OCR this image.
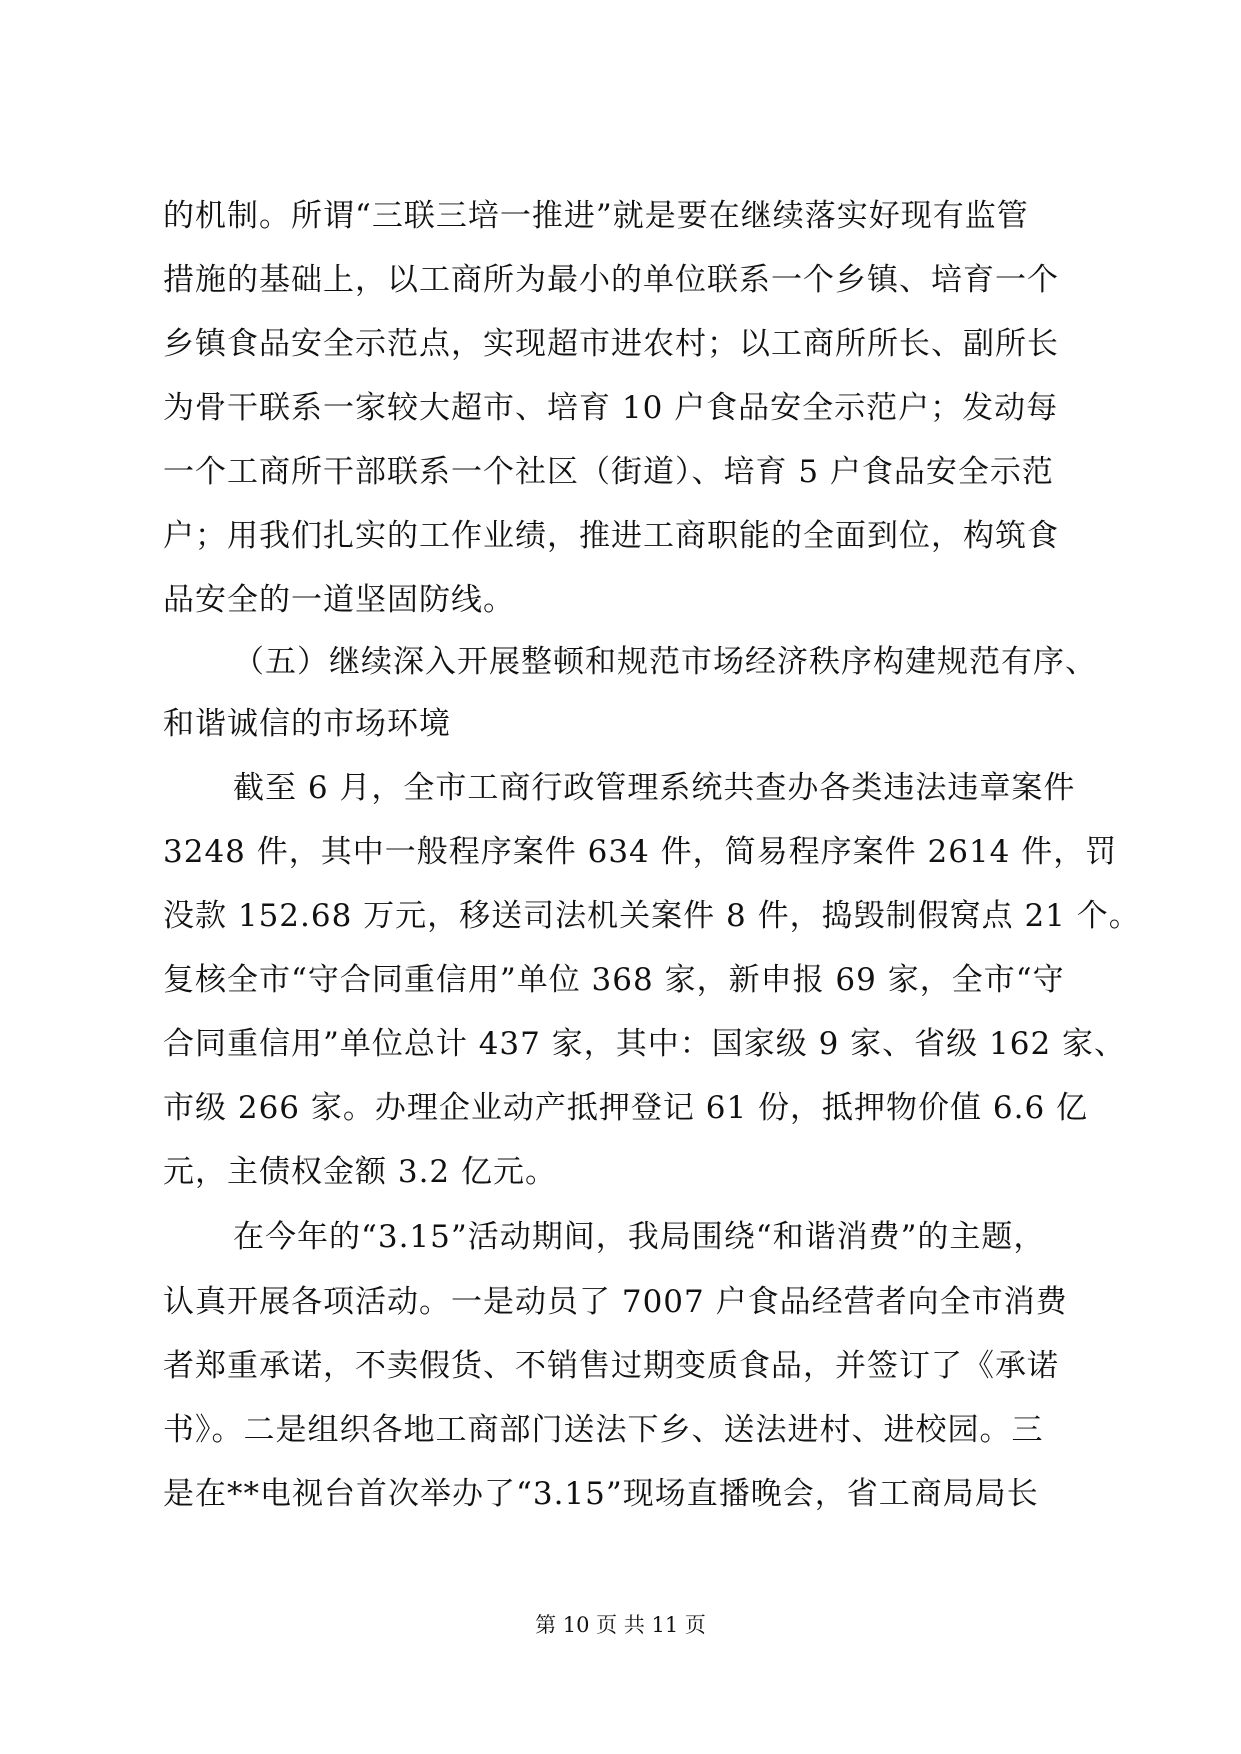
的机制。所谓“三联三培一推进”就是要在继续落实好现有监管
措施的基础上，以工商所为最小的单位联系一个乡镇、培育一个
乡镇食品安全示范点，实现超市进农村；以工商所所长、副所长
为骨干联系一家较大超市、培育 10 户食品安全示范户；发动每
一个工商所干部联系一个社区（街道）、培育 5 户食品安全示范
户；用我们扎实的工作业绩，推进工商职能的全面到位，构筑食
品安全的一道坚固防线。
（五）继续深入开展整顿和规范市场经济秩序构建规范有序、
和谐诚信的市场环境
截至 6 月，全市工商行政管理系统共查办各类违法违章案件
3248 件，其中一般程序案件 634 件，简易程序案件 2614 件，罚
没款 152.68 万元，移送司法机关案件 8 件，捣毁制假窝点 21 个。
复核全市“守合同重信用”单位 368 家，新申报 69 家，全市“守
合同重信用”单位总计 437 家，其中：国家级 9 家、省级 162 家、
市级 266 家。办理企业动产抵押登记 61 份，抵押物价值 6.6 亿
元，主债权金额 3.2 亿元。
在今年的“3.15”活动期间，我局围绕“和谐消费”的主题，
认真开展各项活动。一是动员了 7007 户食品经营者向全市消费
者郑重承诺，不卖假货、不销售过期变质食品，并签订了《承诺
书》。二是组织各地工商部门送法下乡、送法进村、进校园。三
是在**电视台首次举办了“3.15”现场直播晚会，省工商局局长
第 10 页 共 11 页
